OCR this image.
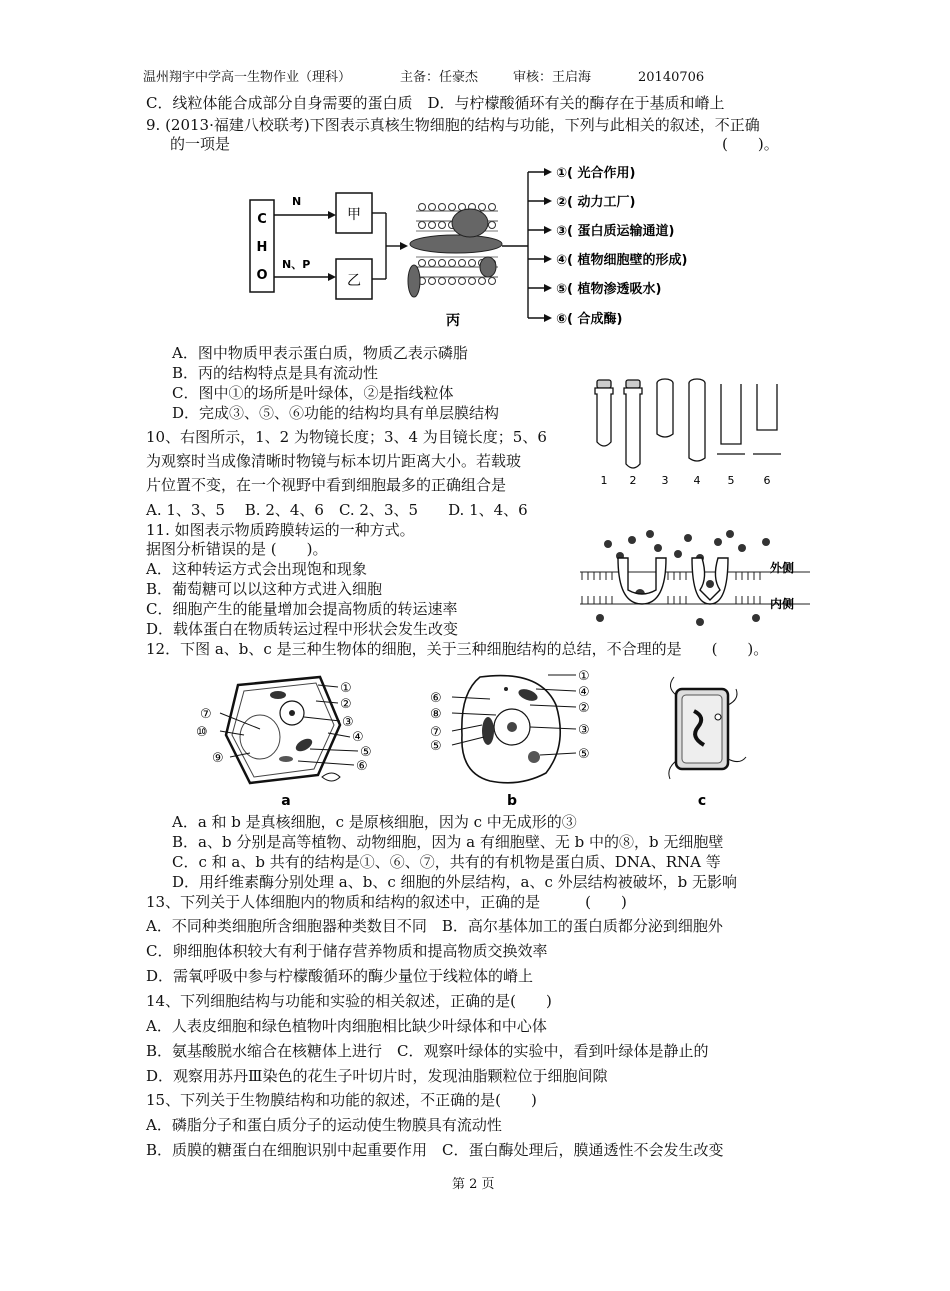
温州翔宇中学高一生物作业（理科）	主备：任豪杰	审核：王启海	20140706
C．线粒体能合成部分自身需要的蛋白质　D．与柠檬酸循环有关的酶存在于基质和嵴上
9. (2013·福建八校联考)下图表示真核生物细胞的结构与功能，下列与此相关的叙述，不正确
的一项是	(　　)。
C
H
O
N
N、P
甲
乙
丙
①( 光合作用)
②( 动力工厂)
③( 蛋白质运输通道)
④( 植物细胞壁的形成)
⑤( 植物渗透吸水)
⑥( 合成酶)
A．图中物质甲表示蛋白质，物质乙表示磷脂
B．丙的结构特点是具有流动性
C．图中①的场所是叶绿体，②是指线粒体
D．完成③、⑤、⑥功能的结构均具有单层膜结构
1 2 3 4 5	6
10、右图所示，1、2 为物镜长度；3、4 为目镜长度；5、6
为观察时当成像清晰时物镜与标本切片距离大小。若载玻
片位置不变，在一个视野中看到细胞最多的正确组合是
A. 1、3、5　 B. 2、4、6　C. 2、3、5　　D. 1、4、6
外侧
内侧
11. 如图表示物质跨膜转运的一种方式。
据图分析错误的是 (　　)。
A．这种转运方式会出现饱和现象
B．葡萄糖可以以这种方式进入细胞
C．细胞产生的能量增加会提高物质的转运速率
D．载体蛋白在物质转运过程中形状会发生改变
12．下图 a、b、c 是三种生物体的细胞，关于三种细胞结构的总结，不合理的是　　(　　)。
①
②
③
④
⑤
⑥
⑦
⑩
⑨
a
①
④
②
③
⑤
⑥
⑧
⑦
⑤
b	c
A．a 和 b 是真核细胞，c 是原核细胞，因为 c 中无成形的③
B．a、b 分别是高等植物、动物细胞，因为 a 有细胞壁、无 b 中的⑧，b 无细胞壁
C．c 和 a、b 共有的结构是①、⑥、⑦，共有的有机物是蛋白质、DNA、RNA 等
D．用纤维素酶分别处理 a、b、c 细胞的外层结构，a、c 外层结构被破坏，b 无影响
13、下列关于人体细胞内的物质和结构的叙述中，正确的是　　　(　　)
A．不同种类细胞所含细胞器种类数目不同　B．高尔基体加工的蛋白质都分泌到细胞外
C．卵细胞体积较大有利于储存营养物质和提高物质交换效率
D．需氧呼吸中参与柠檬酸循环的酶少量位于线粒体的嵴上
14、下列细胞结构与功能和实验的相关叙述，正确的是(　　)
A．人表皮细胞和绿色植物叶肉细胞相比缺少叶绿体和中心体
B．氨基酸脱水缩合在核糖体上进行　C．观察叶绿体的实验中，看到叶绿体是静止的
D．观察用苏丹Ⅲ染色的花生子叶切片时，发现油脂颗粒位于细胞间隙
15、下列关于生物膜结构和功能的叙述，不正确的是(　　)
A．磷脂分子和蛋白质分子的运动使生物膜具有流动性
B．质膜的糖蛋白在细胞识别中起重要作用　C．蛋白酶处理后，膜通透性不会发生改变
第 2 页
